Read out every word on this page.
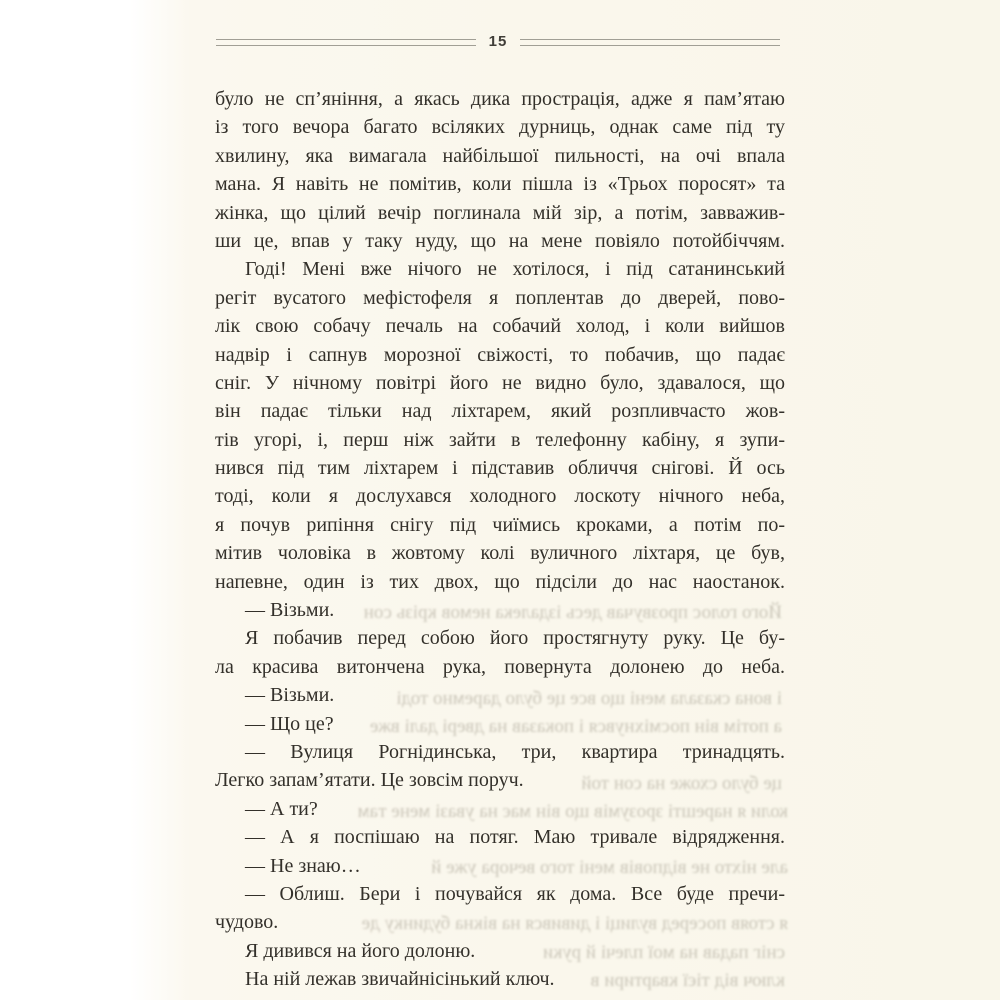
15
було не сп’яніння, а якась дика прострація, адже я пам’ятаю
із того вечора багато всіляких дурниць, однак саме під ту
хвилину, яка вимагала найбільшої пильності, на очі впала
мана. Я навіть не помітив, коли пішла із «Трьох поросят» та
жінка, що цілий вечір поглинала мій зір, а потім, завважив-
ши це, впав у таку нуду, що на мене повіяло потойбіччям.
Годі! Мені вже нічого не хотілося, і під сатанинський
регіт вусатого мефістофеля я поплентав до дверей, пово-
лік свою собачу печаль на собачий холод, і коли вийшов
надвір і сапнув морозної свіжості, то побачив, що падає
сніг. У нічному повітрі його не видно було, здавалося, що
він падає тільки над ліхтарем, який розпливчасто жов-
тів угорі, і, перш ніж зайти в телефонну кабіну, я зупи-
нився під тим ліхтарем і підставив обличчя снігові. Й ось
тоді, коли я дослухався холодного лоскоту нічного неба,
я почув рипіння снігу під чиїмись кроками, а потім по-
мітив чоловіка в жовтому колі вуличного ліхтаря, це був,
напевне, один із тих двох, що підсіли до нас наостанок.
— Візьми.
Я побачив перед собою його простягнуту руку. Це бу-
ла красива витончена рука, повернута долонею до неба.
— Візьми.
— Що це?
— Вулиця Рогнідинська, три, квартира тринадцять.
Легко запам’ятати. Це зовсім поруч.
— А ти?
— А я поспішаю на потяг. Маю тривале відрядження.
— Не знаю…
— Облиш. Бери і почувайся як дома. Все буде пречи-
чудово.
Я дивився на його долоню.
На ній лежав звичайнісінький ключ.
Його голос прозвучав десь іздалека немов крізь сон
і вона сказала мені що все це було даремно тоді
а потім він посміхнувся і показав на двері далі вже
це було схоже на сон той
коли я нарешті зрозумів що він має на увазі мене там
але ніхто не відповів мені того вечора уже й
я стояв посеред вулиці і дивився на вікна будинку де
сніг падав на мої плечі й руки
ключ від тієї квартири в
